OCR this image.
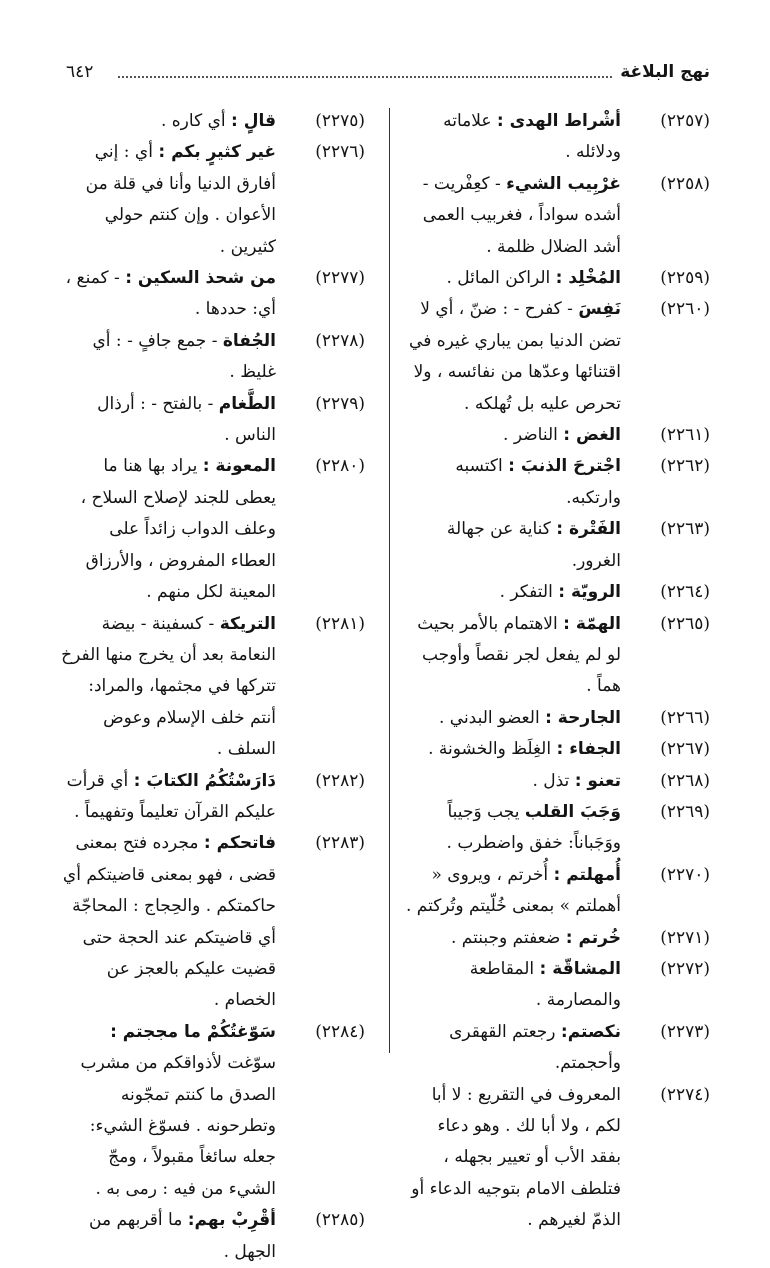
نهج البلاغة
٦٤٢
(٢٢٥٧)
أشْراط الهدى : علاماته ودلائله .
(٢٢٥٨)
غرْبِيب الشيء - كعِفْريت - أشده سواداً ، فغربيب العمى أشد الضلال ظلمة .
(٢٢٥٩)
المُخْلِد : الراكن المائل .
(٢٢٦٠)
نَفِسَ - كفرح - : ضنّ ، أي لا تضن الدنيا بمن يباري غيره في اقتنائها وعدّها من نفائسه ، ولا تحرص عليه بل تُهلكه .
(٢٢٦١)
الغض : الناضر .
(٢٢٦٢)
اجْترحَ الذنبَ : اكتسبه وارتكبه.
(٢٢٦٣)
الفَتْرة : كناية عن جهالة الغرور.
(٢٢٦٤)
الرويّة : التفكر .
(٢٢٦٥)
الهمّة : الاهتمام بالأمر بحيث لو لم يفعل لجر نقصاً وأوجب هماً .
(٢٢٦٦)
الجارحة : العضو البدني .
(٢٢٦٧)
الجفاء : الغِلَظ والخشونة .
(٢٢٦٨)
تعنو : تذل .
(٢٢٦٩)
وَجَبَ القلب يجب وَجيباً ووَجَباناً: خفق واضطرب .
(٢٢٧٠)
أُمهلتم : أُخرتم ، ويروى « أهملتم » بمعنى خُلّيتم وتُركتم .
(٢٢٧١)
خُرتم : ضعفتم وجبنتم .
(٢٢٧٢)
المشاقّة : المقاطعة والمصارمة .
(٢٢٧٣)
نكصتم: رجعتم القهقرى وأحجمتم.
(٢٢٧٤)
المعروف في التقريع : لا أبا لكم ، ولا أبا لك . وهو دعاء بفقد الأب أو تعيير بجهله ، فتلطف الامام بتوجيه الدعاء أو الذمّ لغيرهم .
(٢٢٧٥)
قالٍ : أي كاره .
(٢٢٧٦)
غير كثيرٍ بكم : أي : إني أفارق الدنيا وأنا في قلة من الأعوان . وإن كنتم حولي كثيرين .
(٢٢٧٧)
من شحذ السكين : - كمنع ، أي: حددها .
(٢٢٧٨)
الجُفاة - جمع جافٍ - : أي غليظ .
(٢٢٧٩)
الطَّغام - بالفتح - : أرذال الناس .
(٢٢٨٠)
المعونة : يراد بها هنا ما يعطى للجند لإصلاح السلاح ، وعلف الدواب زائداً على العطاء المفروض ، والأرزاق المعينة لكل منهم .
(٢٢٨١)
التريكة - كسفينة - بيضة النعامة بعد أن يخرج منها الفرخ تتركها في مجثمها، والمراد: أنتم خلف الإسلام وعوض السلف .
(٢٢٨٢)
دَارَسْتُكُمُ الكتابَ : أي قرأت عليكم القرآن تعليماً وتفهيماً .
(٢٢٨٣)
فاتحكم : مجرده فتح بمعنى قضى ، فهو بمعنى قاضيتكم أي حاكمتكم . والحِجاج : المحاجّة أي قاضيتكم عند الحجة حتى قضيت عليكم بالعجز عن الخصام .
(٢٢٨٤)
سَوّغتُكُمْ ما مججتم : سوّغت لأذواقكم من مشرب الصدق ما كنتم تمجّونه وتطرحونه . فسوّغ الشيء: جعله سائغاً مقبولاً ، ومجّ الشيء من فيه : رمى به .
(٢٢٨٥)
أقْرِبْ بهم: ما أقربهم من الجهل .
